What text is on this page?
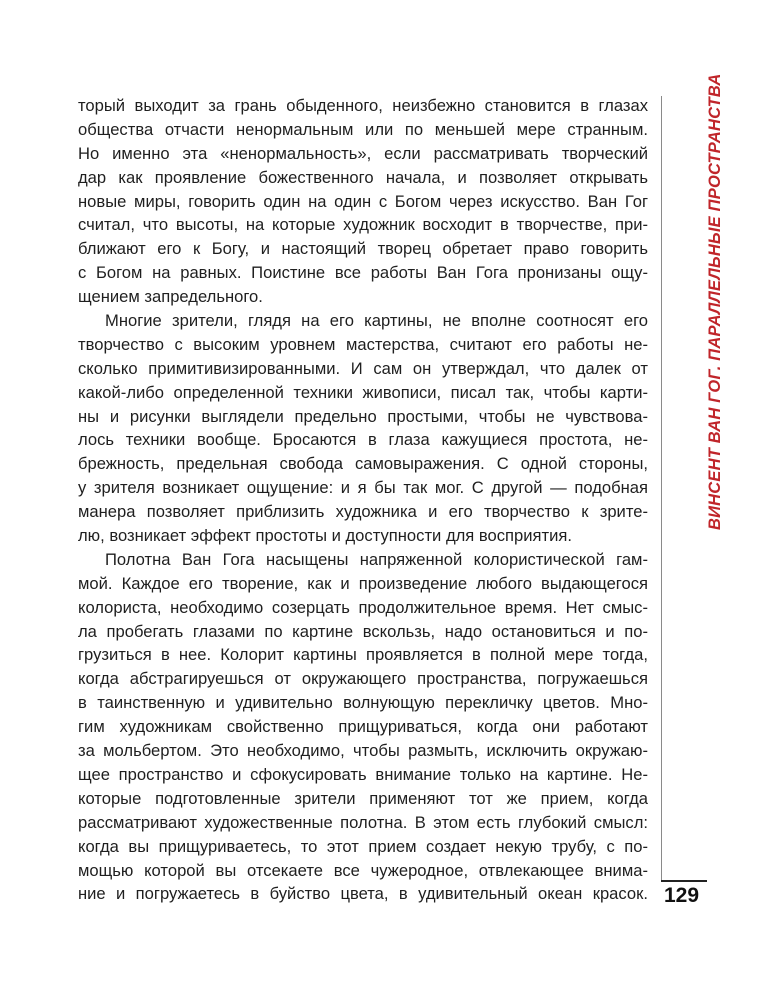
торый выходит за грань обыденного, неизбежно становится в глазах
общества отчасти ненормальным или по меньшей мере странным.
Но именно эта «ненормальность», если рассматривать творческий
дар как проявление божественного начала, и позволяет открывать
новые миры, говорить один на один с Богом через искусство. Ван Гог
считал, что высоты, на которые художник восходит в творчестве, при-
ближают его к Богу, и настоящий творец обретает право говорить
с Богом на равных. Поистине все работы Ван Гога пронизаны ощу-
щением запредельного.
Многие зрители, глядя на его картины, не вполне соотносят его
творчество с высоким уровнем мастерства, считают его работы не-
сколько примитивизированными. И сам он утверждал, что далек от
какой-либо определенной техники живописи, писал так, чтобы карти-
ны и рисунки выглядели предельно простыми, чтобы не чувствова-
лось техники вообще. Бросаются в глаза кажущиеся простота, не-
брежность, предельная свобода самовыражения. С одной стороны,
у зрителя возникает ощущение: и я бы так мог. С другой — подобная
манера позволяет приблизить художника и его творчество к зрите-
лю, возникает эффект простоты и доступности для восприятия.
Полотна Ван Гога насыщены напряженной колористической гам-
мой. Каждое его творение, как и произведение любого выдающегося
колориста, необходимо созерцать продолжительное время. Нет смыс-
ла пробегать глазами по картине вскользь, надо остановиться и по-
грузиться в нее. Колорит картины проявляется в полной мере тогда,
когда абстрагируешься от окружающего пространства, погружаешься
в таинственную и удивительно волнующую перекличку цветов. Мно-
гим художникам свойственно прищуриваться, когда они работают
за мольбертом. Это необходимо, чтобы размыть, исключить окружаю-
щее пространство и сфокусировать внимание только на картине. Не-
которые подготовленные зрители применяют тот же прием, когда
рассматривают художественные полотна. В этом есть глубокий смысл:
когда вы прищуриваетесь, то этот прием создает некую трубу, с по-
мощью которой вы отсекаете все чужеродное, отвлекающее внима-
ние и погружаетесь в буйство цвета, в удивительный океан красок.
ВИНСЕНТ ВАН ГОГ. ПАРАЛЛЕЛЬНЫЕ ПРОСТРАНСТВА
129
